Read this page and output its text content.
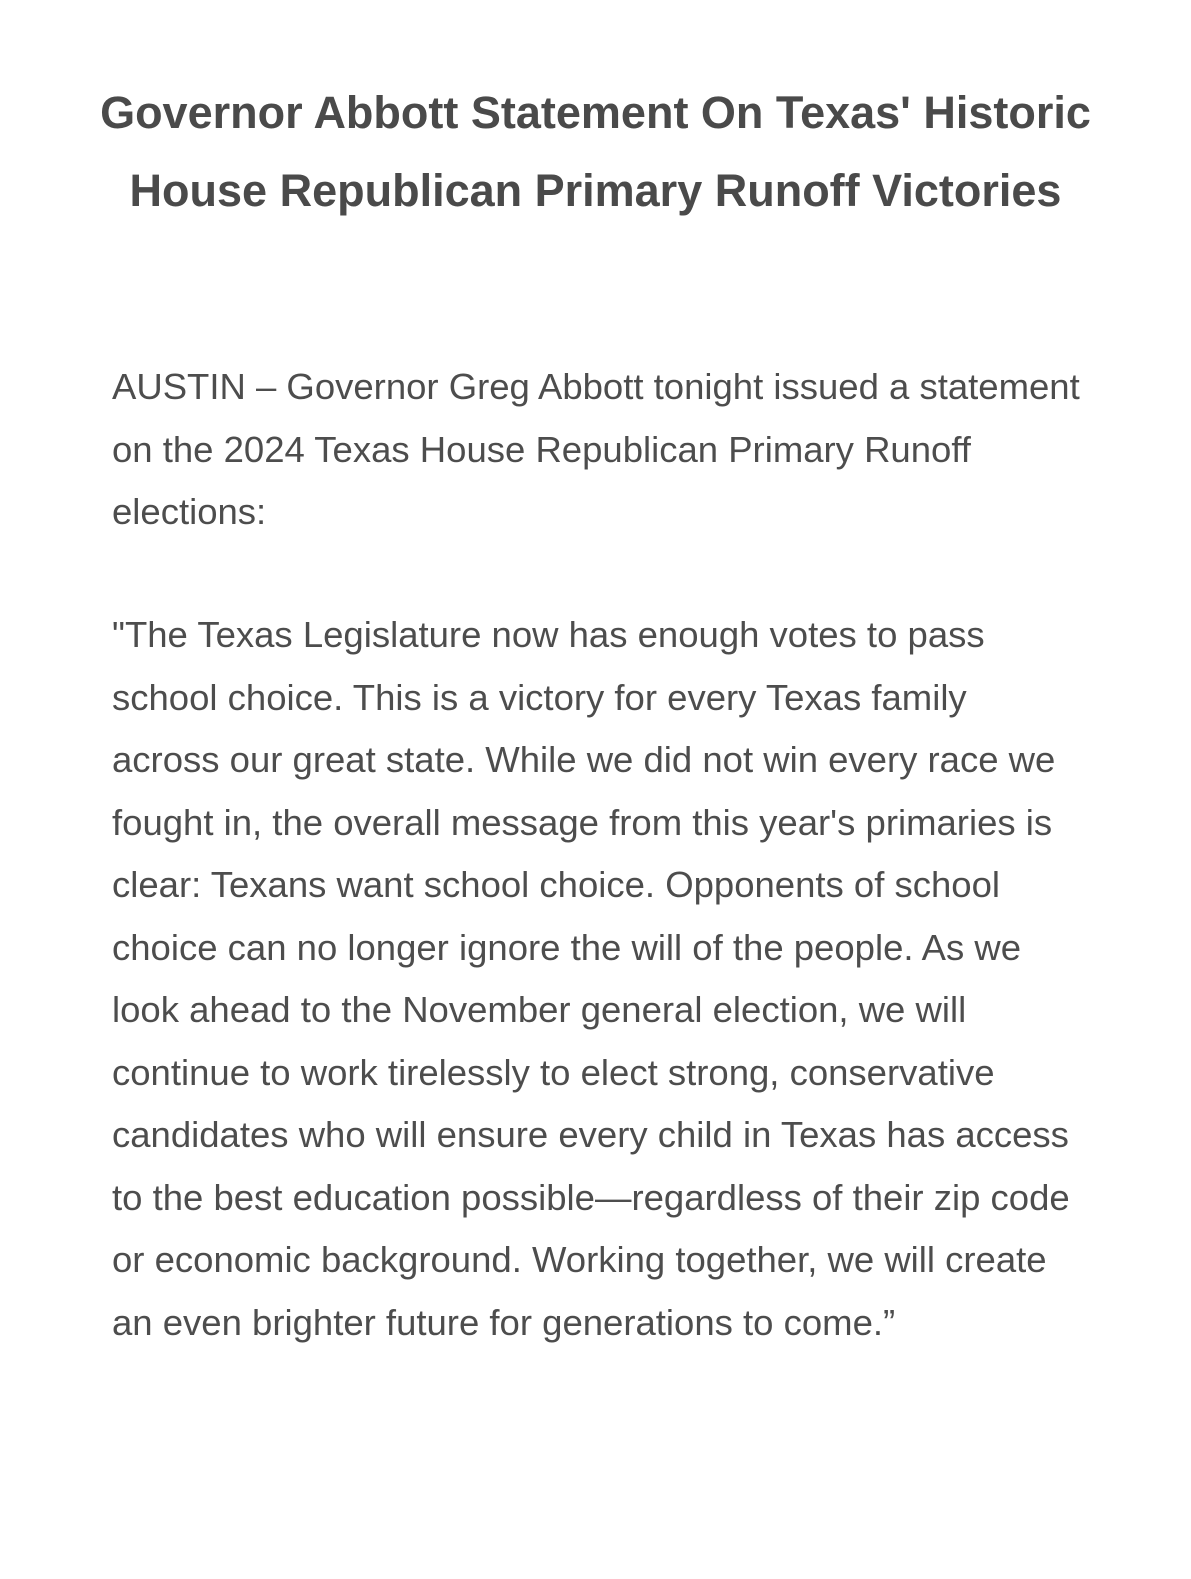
Governor Abbott Statement On Texas' Historic House Republican Primary Runoff Victories

AUSTIN – Governor Greg Abbott tonight issued a statement on the 2024 Texas House Republican Primary Runoff elections:

"The Texas Legislature now has enough votes to pass school choice. This is a victory for every Texas family across our great state. While we did not win every race we fought in, the overall message from this year's primaries is clear: Texans want school choice. Opponents of school choice can no longer ignore the will of the people. As we look ahead to the November general election, we will continue to work tirelessly to elect strong, conservative candidates who will ensure every child in Texas has access to the best education possible—regardless of their zip code or economic background. Working together, we will create an even brighter future for generations to come.”
